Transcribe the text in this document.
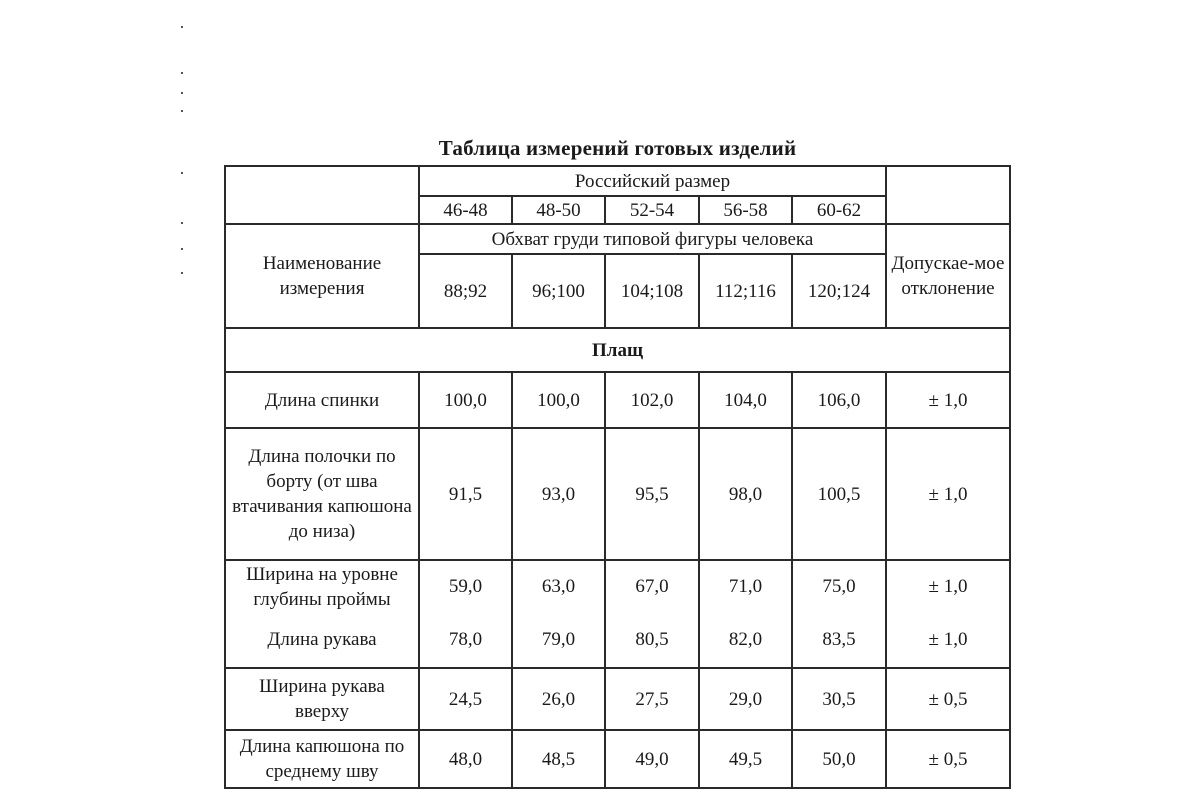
Таблица измерений готовых изделий
	Российский размер					
	46-48	48-50	52-54	56-58	60-62	
Наименование измерения	Обхват груди типовой фигуры человека					Допускае-мое отклонение
	88;92	96;100	104;108	112;116	120;124	
Плащ						
Длина спинки	100,0	100,0	102,0	104,0	106,0	± 1,0
Длина полочки по борту (от шва втачивания капюшона до низа)	91,5	93,0	95,5	98,0	100,5	± 1,0
Ширина на уровне глубины проймы	59,0	63,0	67,0	71,0	75,0	± 1,0
Длина рукава	78,0	79,0	80,5	82,0	83,5	± 1,0
Ширина рукава вверху	24,5	26,0	27,5	29,0	30,5	± 0,5
Длина капюшона по среднему шву	48,0	48,5	49,0	49,5	50,0	± 0,5
